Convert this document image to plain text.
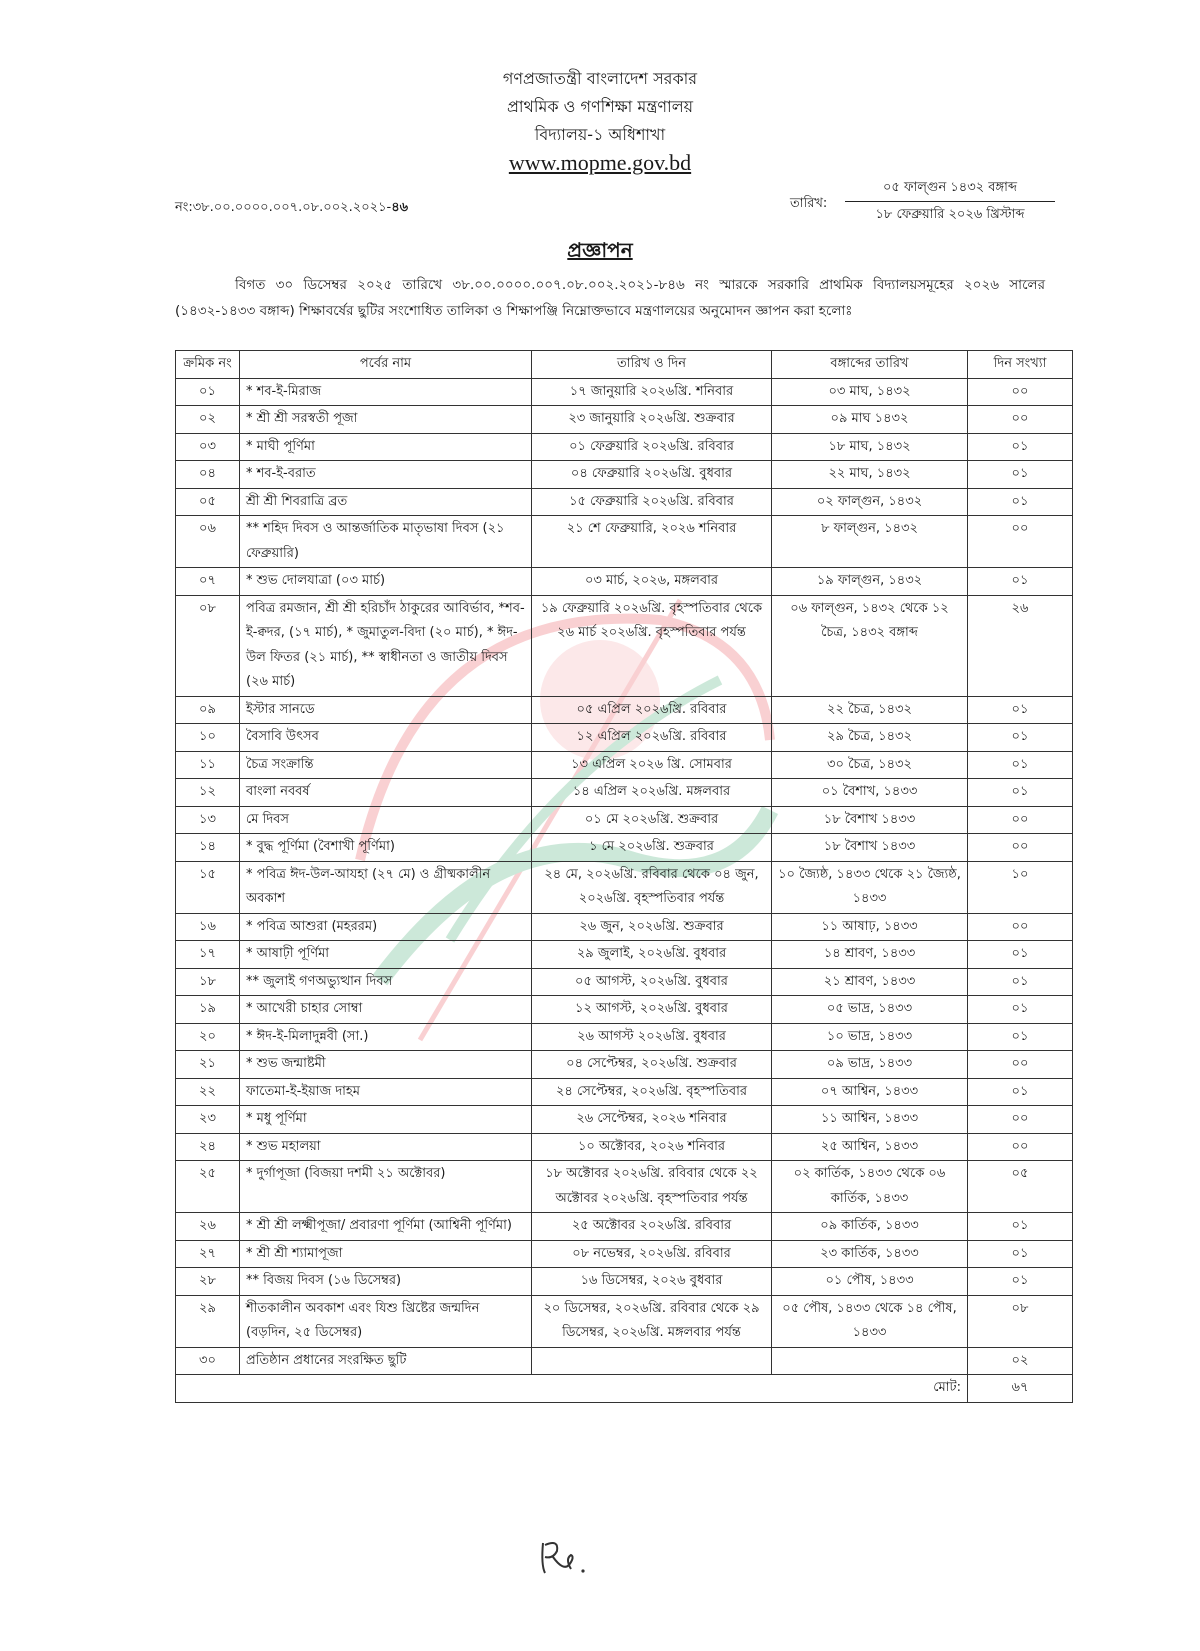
গণপ্রজাতন্ত্রী বাংলাদেশ সরকার
প্রাথমিক ও গণশিক্ষা মন্ত্রণালয়
বিদ্যালয়-১ অধিশাখা
www.mopme.gov.bd
নং:৩৮.০০.০০০০.০০৭.০৮.০০২.২০২১-৪৬	তারিখ:
০৫ ফাল্গুন ১৪৩২ বঙ্গাব্দ
১৮ ফেব্রুয়ারি ২০২৬ খ্রিস্টাব্দ
প্রজ্ঞাপন
বিগত ৩০ ডিসেম্বর ২০২৫ তারিখে ৩৮.০০.০০০০.০০৭.০৮.০০২.২০২১-৮৪৬ নং স্মারকে সরকারি প্রাথমিক বিদ্যালয়সমূহের ২০২৬ সালের (১৪৩২-১৪৩৩ বঙ্গাব্দ) শিক্ষাবর্ষের ছুটির সংশোধিত তালিকা ও শিক্ষাপঞ্জি নিম্নোক্তভাবে মন্ত্রণালয়ের অনুমোদন জ্ঞাপন করা হলোঃ
ক্রমিক নং	পর্বের নাম	তারিখ ও দিন	বঙ্গাব্দের তারিখ	দিন সংখ্যা
০১	* শব-ই-মিরাজ	১৭ জানুয়ারি ২০২৬খ্রি. শনিবার	০৩ মাঘ, ১৪৩২	০০
০২	* শ্রী শ্রী সরস্বতী পূজা	২৩ জানুয়ারি ২০২৬খ্রি. শুক্রবার	০৯ মাঘ ১৪৩২	০০
০৩	* মাঘী পূর্ণিমা	০১ ফেব্রুয়ারি ২০২৬খ্রি. রবিবার	১৮ মাঘ, ১৪৩২	০১
০৪	* শব-ই-বরাত	০৪ ফেব্রুয়ারি ২০২৬খ্রি. বুধবার	২২ মাঘ, ১৪৩২	০১
০৫	শ্রী শ্রী শিবরাত্রি ব্রত	১৫ ফেব্রুয়ারি ২০২৬খ্রি. রবিবার	০২ ফাল্গুন, ১৪৩২	০১
০৬	** শহিদ দিবস ও আন্তর্জাতিক মাতৃভাষা দিবস (২১ ফেব্রুয়ারি)	২১ শে ফেব্রুয়ারি, ২০২৬ শনিবার	৮ ফাল্গুন, ১৪৩২	০০
০৭	* শুভ দোলযাত্রা (০৩ মার্চ)	০৩ মার্চ, ২০২৬, মঙ্গলবার	১৯ ফাল্গুন, ১৪৩২	০১
০৮	পবিত্র রমজান, শ্রী শ্রী হরিচাঁদ ঠাকুরের আবির্ভাব, *শব-ই-ক্বদর, (১৭ মার্চ), * জুমাতুল-বিদা (২০ মার্চ), * ঈদ-উল ফিতর (২১ মার্চ), ** স্বাধীনতা ও জাতীয় দিবস (২৬ মার্চ)	১৯ ফেব্রুয়ারি ২০২৬খ্রি. বৃহস্পতিবার থেকে ২৬ মার্চ ২০২৬খ্রি. বৃহস্পতিবার পর্যন্ত	০৬ ফাল্গুন, ১৪৩২ থেকে ১২ চৈত্র, ১৪৩২ বঙ্গাব্দ	২৬
০৯	ইস্টার সানডে	০৫ এপ্রিল ২০২৬খ্রি. রবিবার	২২ চৈত্র, ১৪৩২	০১
১০	বৈসাবি উৎসব	১২ এপ্রিল ২০২৬খ্রি. রবিবার	২৯ চৈত্র, ১৪৩২	০১
১১	চৈত্র সংক্রান্তি	১৩ এপ্রিল ২০২৬ খ্রি. সোমবার	৩০ চৈত্র, ১৪৩২	০১
১২	বাংলা নববর্ষ	১৪ এপ্রিল ২০২৬খ্রি. মঙ্গলবার	০১ বৈশাখ, ১৪৩৩	০১
১৩	মে দিবস	০১ মে ২০২৬খ্রি. শুক্রবার	১৮ বৈশাখ ১৪৩৩	০০
১৪	* বুদ্ধ পূর্ণিমা (বৈশাখী পূর্ণিমা)	১ মে ২০২৬খ্রি. শুক্রবার	১৮ বৈশাখ ১৪৩৩	০০
১৫	* পবিত্র ঈদ-উল-আযহা (২৭ মে) ও গ্রীষ্মকালীন অবকাশ	২৪ মে, ২০২৬খ্রি. রবিবার থেকে ০৪ জুন, ২০২৬খ্রি. বৃহস্পতিবার পর্যন্ত	১০ জ্যৈষ্ঠ, ১৪৩৩ থেকে ২১ জ্যৈষ্ঠ, ১৪৩৩	১০
১৬	* পবিত্র আশুরা (মহররম)	২৬ জুন, ২০২৬খ্রি. শুক্রবার	১১ আষাঢ়, ১৪৩৩	০০
১৭	* আষাঢ়ী পূর্ণিমা	২৯ জুলাই, ২০২৬খ্রি. বুধবার	১৪ শ্রাবণ, ১৪৩৩	০১
১৮	** জুলাই গণঅভ্যুত্থান দিবস	০৫ আগস্ট, ২০২৬খ্রি. বুধবার	২১ শ্রাবণ, ১৪৩৩	০১
১৯	* আখেরী চাহার সোম্বা	১২ আগস্ট, ২০২৬খ্রি. বুধবার	০৫ ভাদ্র, ১৪৩৩	০১
২০	* ঈদ-ই-মিলাদুন্নবী (সা.)	২৬ আগস্ট ২০২৬খ্রি. বুধবার	১০ ভাদ্র, ১৪৩৩	০১
২১	* শুভ জন্মাষ্টমী	০৪ সেপ্টেম্বর, ২০২৬খ্রি. শুক্রবার	০৯ ভাদ্র, ১৪৩৩	০০
২২	ফাতেমা-ই-ইয়াজ দাহম	২৪ সেপ্টেম্বর, ২০২৬খ্রি. বৃহস্পতিবার	০৭ আশ্বিন, ১৪৩৩	০১
২৩	* মধু পূর্ণিমা	২৬ সেপ্টেম্বর, ২০২৬ শনিবার	১১ আশ্বিন, ১৪৩৩	০০
২৪	* শুভ মহালয়া	১০ অক্টোবর, ২০২৬ শনিবার	২৫ আশ্বিন, ১৪৩৩	০০
২৫	* দুর্গাপূজা (বিজয়া দশমী ২১ অক্টোবর)	১৮ অক্টোবর ২০২৬খ্রি. রবিবার থেকে ২২ অক্টোবর ২০২৬খ্রি. বৃহস্পতিবার পর্যন্ত	০২ কার্তিক, ১৪৩৩ থেকে ০৬ কার্তিক, ১৪৩৩	০৫
২৬	* শ্রী শ্রী লক্ষ্মীপূজা/ প্রবারণা পূর্ণিমা (আশ্বিনী পূর্ণিমা)	২৫ অক্টোবর ২০২৬খ্রি. রবিবার	০৯ কার্তিক, ১৪৩৩	০১
২৭	* শ্রী শ্রী শ্যামাপূজা	০৮ নভেম্বর, ২০২৬খ্রি. রবিবার	২৩ কার্তিক, ১৪৩৩	০১
২৮	** বিজয় দিবস (১৬ ডিসেম্বর)	১৬ ডিসেম্বর, ২০২৬ বুধবার	০১ পৌষ, ১৪৩৩	০১
২৯	শীতকালীন অবকাশ এবং যিশু খ্রিষ্টের জন্মদিন (বড়দিন, ২৫ ডিসেম্বর)	২০ ডিসেম্বর, ২০২৬খ্রি. রবিবার থেকে ২৯ ডিসেম্বর, ২০২৬খ্রি. মঙ্গলবার পর্যন্ত	০৫ পৌষ, ১৪৩৩ থেকে ১৪ পৌষ, ১৪৩৩	০৮
৩০	প্রতিষ্ঠান প্রধানের সংরক্ষিত ছুটি			০২
মোট:				৬৭
